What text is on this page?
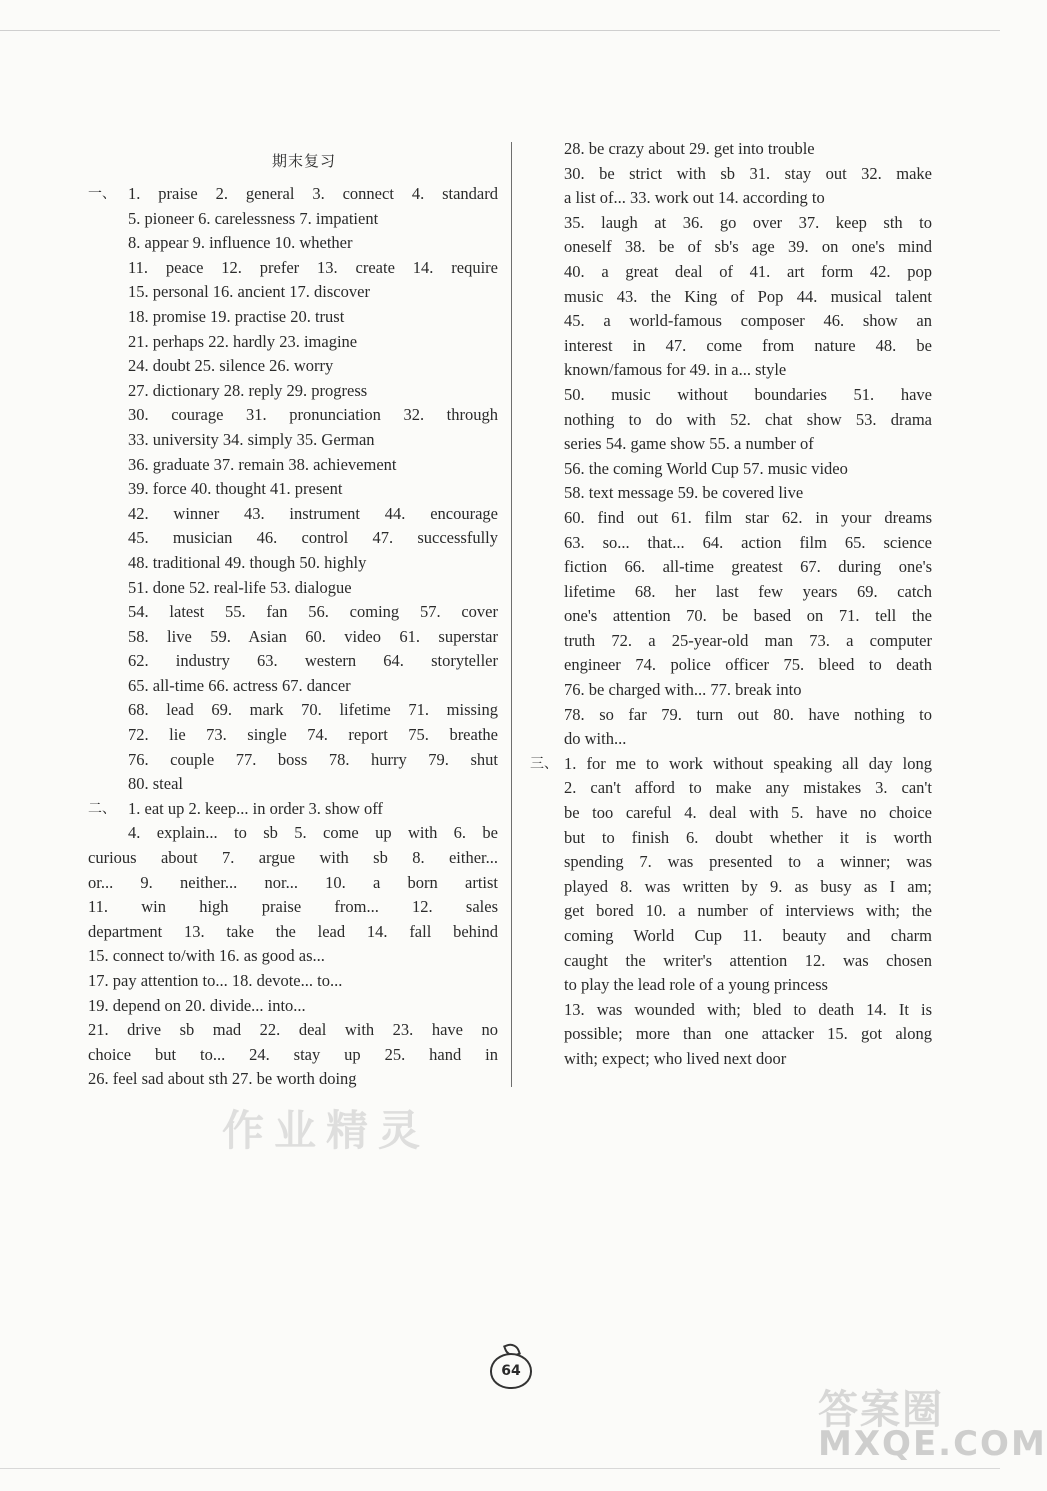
期末复习
一、 1. praise 2. general 3. connect 4. standard
5. pioneer 6. carelessness 7. impatient
8. appear 9. influence 10. whether
11. peace 12. prefer 13. create 14. require
15. personal 16. ancient 17. discover
18. promise 19. practise 20. trust
21. perhaps 22. hardly 23. imagine
24. doubt 25. silence 26. worry
27. dictionary 28. reply 29. progress
30. courage 31. pronunciation 32. through
33. university 34. simply 35. German
36. graduate 37. remain 38. achievement
39. force 40. thought 41. present
42. winner 43. instrument 44. encourage
45. musician 46. control 47. successfully
48. traditional 49. though 50. highly
51. done 52. real-life 53. dialogue
54. latest 55. fan 56. coming 57. cover
58. live 59. Asian 60. video 61. superstar
62. industry 63. western 64. storyteller
65. all-time 66. actress 67. dancer
68. lead 69. mark 70. lifetime 71. missing
72. lie 73. single 74. report 75. breathe
76. couple 77. boss 78. hurry 79. shut
80. steal
二、 1. eat up 2. keep... in order 3. show off
4. explain... to sb 5. come up with 6. be
curious about 7. argue with sb 8. either...
or... 9. neither... nor... 10. a born artist
11. win high praise from... 12. sales
department 13. take the lead 14. fall behind
15. connect to/with 16. as good as...
17. pay attention to... 18. devote... to...
19. depend on 20. divide... into...
21. drive sb mad 22. deal with 23. have no
choice but to... 24. stay up 25. hand in
26. feel sad about sth 27. be worth doing
28. be crazy about 29. get into trouble
30. be strict with sb 31. stay out 32. make
a list of... 33. work out 14. according to
35. laugh at 36. go over 37. keep sth to
oneself 38. be of sb's age 39. on one's mind
40. a great deal of 41. art form 42. pop
music 43. the King of Pop 44. musical talent
45. a world-famous composer 46. show an
interest in 47. come from nature 48. be
known/famous for 49. in a... style
50. music without boundaries 51. have
nothing to do with 52. chat show 53. drama
series 54. game show 55. a number of
56. the coming World Cup 57. music video
58. text message 59. be covered live
60. find out 61. film star 62. in your dreams
63. so... that... 64. action film 65. science
fiction 66. all-time greatest 67. during one's
lifetime 68. her last few years 69. catch
one's attention 70. be based on 71. tell the
truth 72. a 25-year-old man 73. a computer
engineer 74. police officer 75. bleed to death
76. be charged with... 77. break into
78. so far 79. turn out 80. have nothing to
do with...
三、 1. for me to work without speaking all day long
2. can't afford to make any mistakes 3. can't
be too careful 4. deal with 5. have no choice
but to finish 6. doubt whether it is worth
spending 7. was presented to a winner; was
played 8. was written by 9. as busy as I am;
get bored 10. a number of interviews with; the
coming World Cup 11. beauty and charm
caught the writer's attention 12. was chosen
to play the lead role of a young princess
13. was wounded with; bled to death 14. It is
possible; more than one attacker 15. got along
with; expect; who lived next door
作业精灵
64
答案圈
MXQE.COM
